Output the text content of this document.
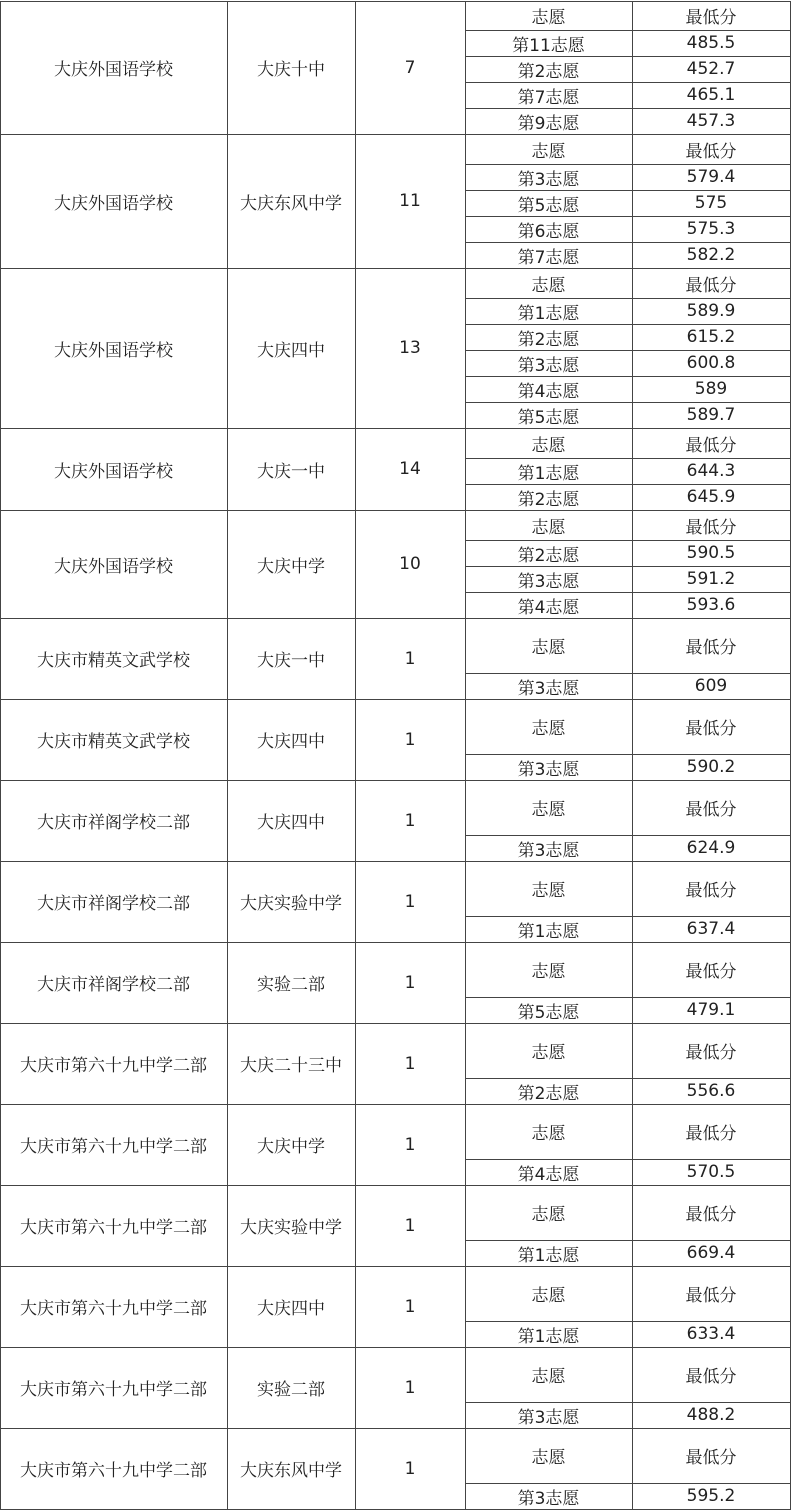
大庆外国语学校	大庆十中	7
志愿	最低分
第11志愿	485.5
第2志愿	452.7
第7志愿	465.1
第9志愿	457.3
大庆外国语学校	大庆东风中学	11
志愿	最低分
第3志愿	579.4
第5志愿	575
第6志愿	575.3
第7志愿	582.2
大庆外国语学校	大庆四中	13
志愿	最低分
第1志愿	589.9
第2志愿	615.2
第3志愿	600.8
第4志愿	589
第5志愿	589.7
大庆外国语学校	大庆一中	14
志愿	最低分
第1志愿	644.3
第2志愿	645.9
大庆外国语学校	大庆中学	10
志愿	最低分
第2志愿	590.5
第3志愿	591.2
第4志愿	593.6
大庆市精英文武学校	大庆一中	1
志愿	最低分
第3志愿	609
大庆市精英文武学校	大庆四中	1
志愿	最低分
第3志愿	590.2
大庆市祥阁学校二部	大庆四中	1
志愿	最低分
第3志愿	624.9
大庆市祥阁学校二部	大庆实验中学	1
志愿	最低分
第1志愿	637.4
大庆市祥阁学校二部	实验二部	1
志愿	最低分
第5志愿	479.1
大庆市第六十九中学二部	大庆二十三中	1
志愿	最低分
第2志愿	556.6
大庆市第六十九中学二部	大庆中学	1
志愿	最低分
第4志愿	570.5
大庆市第六十九中学二部	大庆实验中学	1
志愿	最低分
第1志愿	669.4
大庆市第六十九中学二部	大庆四中	1
志愿	最低分
第1志愿	633.4
大庆市第六十九中学二部	实验二部	1
志愿	最低分
第3志愿	488.2
大庆市第六十九中学二部	大庆东风中学	1
志愿	最低分
第3志愿	595.2
